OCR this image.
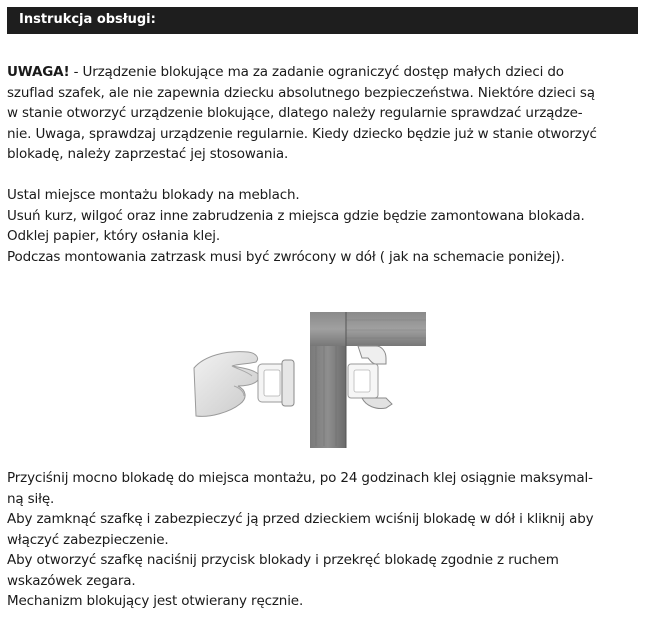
Instrukcja obsługi:

UWAGA! - Urządzenie blokujące ma za zadanie ograniczyć dostęp małych dzieci do

szuflad szafek, ale nie zapewnia dziecku absolutnego bezpieczeństwa. Niektóre dzieci są

w stanie otworzyć urządzenie blokujące, dlatego należy regularnie sprawdzać urządze-

nie. Uwaga, sprawdzaj urządzenie regularnie. Kiedy dziecko będzie już w stanie otworzyć

blokadę, należy zaprzestać jej stosowania.

Ustal miejsce montażu blokady na meblach.

Usuń kurz, wilgoć oraz inne zabrudzenia z miejsca gdzie będzie zamontowana blokada.

Odklej papier, który osłania klej.

Podczas montowania zatrzask musi być zwrócony w dół ( jak na schemacie poniżej).

Przyciśnij mocno blokadę do miejsca montażu, po 24 godzinach klej osiągnie maksymal-

ną siłę.

Aby zamknąć szafkę i zabezpieczyć ją przed dzieckiem wciśnij blokadę w dół i kliknij aby

włączyć zabezpieczenie.

Aby otworzyć szafkę naciśnij przycisk blokady i przekręć blokadę zgodnie z ruchem

wskazówek zegara.

Mechanizm blokujący jest otwierany ręcznie.
